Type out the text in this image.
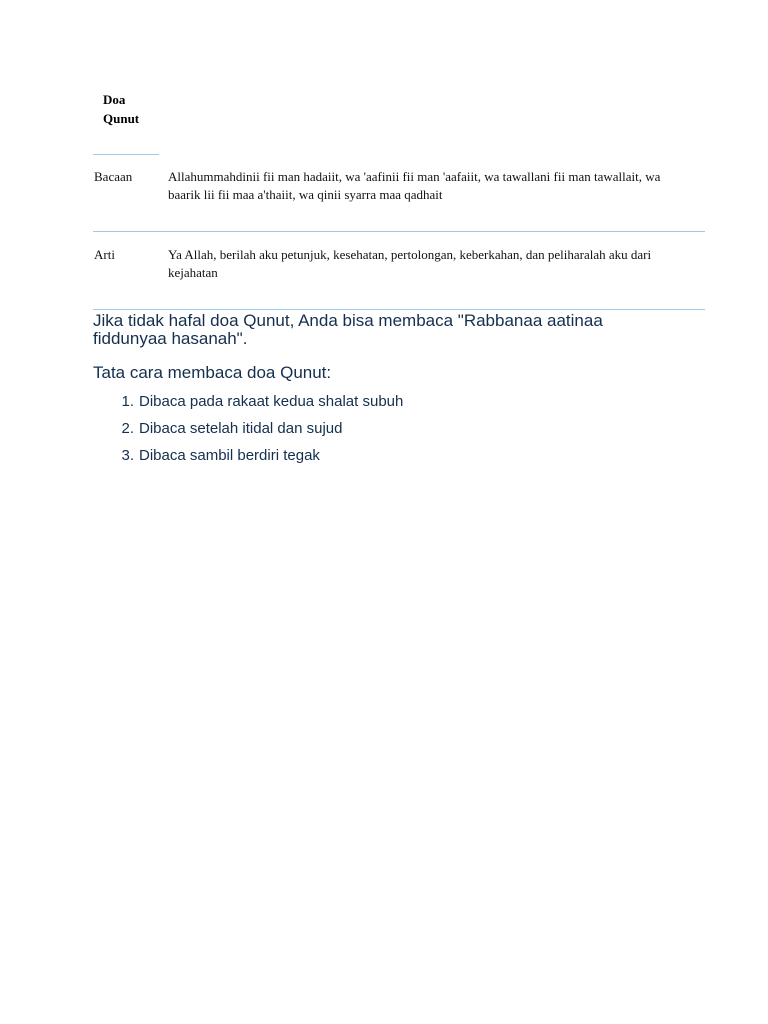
Doa Qunut
Bacaan	Allahummahdinii fii man hadaiit, wa 'aafinii fii man 'aafaiit, wa tawallani fii man tawallait, wa baarik lii fii maa a'thaiit, wa qinii syarra maa qadhait
Arti	Ya Allah, berilah aku petunjuk, kesehatan, pertolongan, keberkahan, dan peliharalah aku dari kejahatan
Jika tidak hafal doa Qunut, Anda bisa membaca "Rabbanaa aatinaa fiddunyaa hasanah".
Tata cara membaca doa Qunut:
1. Dibaca pada rakaat kedua shalat subuh
2. Dibaca setelah itidal dan sujud
3. Dibaca sambil berdiri tegak
